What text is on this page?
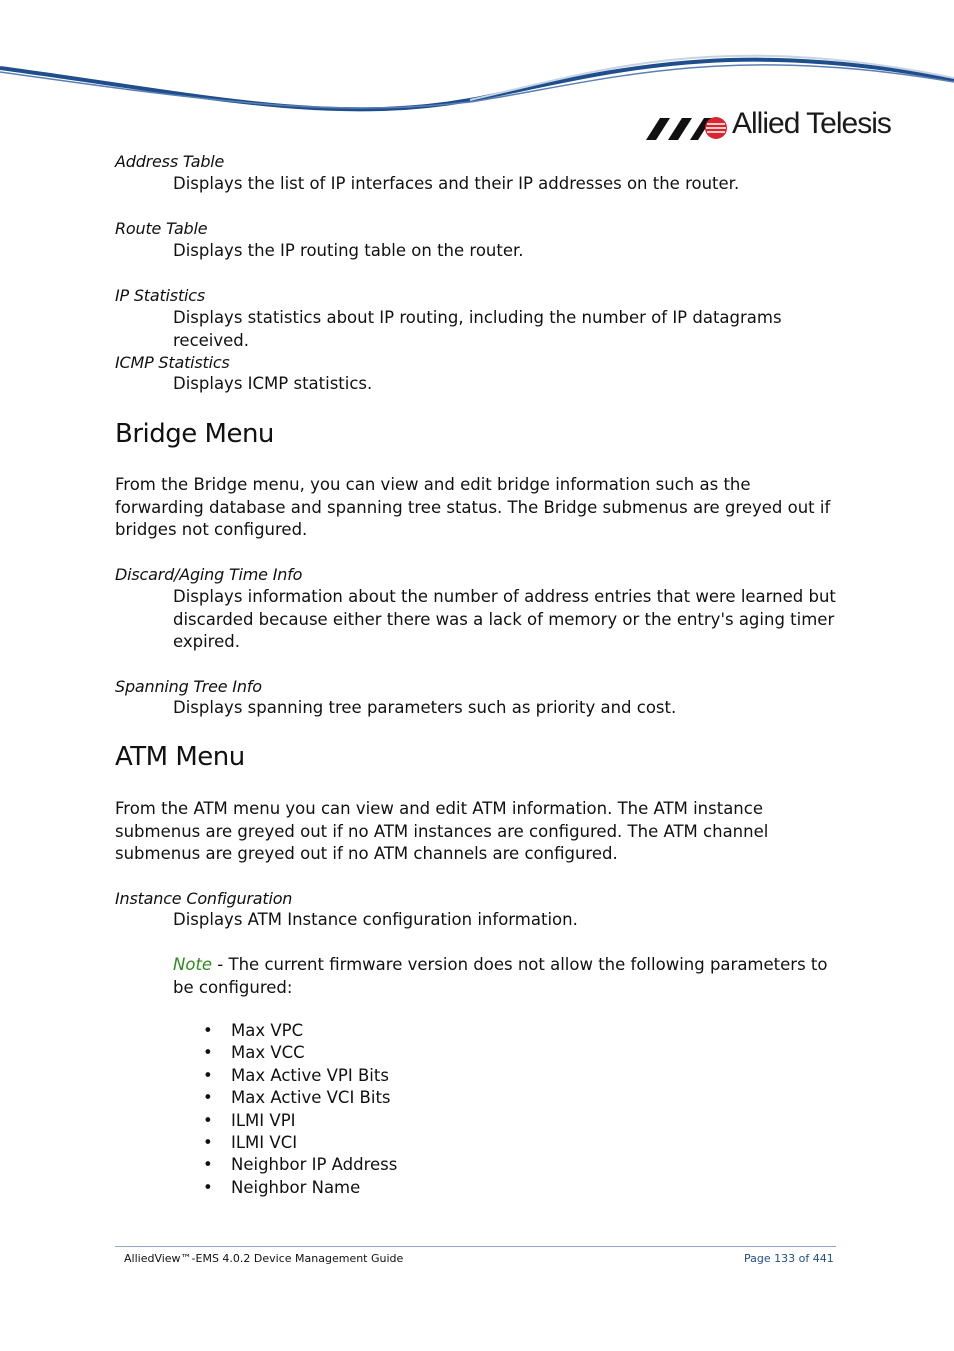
Allied Telesis
Address Table
Displays the list of IP interfaces and their IP addresses on the router.
Route Table
Displays the IP routing table on the router.
IP Statistics
Displays statistics about IP routing, including the number of IP datagrams received.
ICMP Statistics
Displays ICMP statistics.
Bridge Menu
From the Bridge menu, you can view and edit bridge information such as the forwarding database and spanning tree status. The Bridge submenus are greyed out if bridges not configured.
Discard/Aging Time Info
Displays information about the number of address entries that were learned but discarded because either there was a lack of memory or the entry's aging timer expired.
Spanning Tree Info
Displays spanning tree parameters such as priority and cost.
ATM Menu
From the ATM menu you can view and edit ATM information. The ATM instance submenus are greyed out if no ATM instances are configured. The ATM channel submenus are greyed out if no ATM channels are configured.
Instance Configuration
Displays ATM Instance configuration information.
Note - The current firmware version does not allow the following parameters to be configured:
• Max VPC
• Max VCC
• Max Active VPI Bits
• Max Active VCI Bits
• ILMI VPI
• ILMI VCI
• Neighbor IP Address
• Neighbor Name
AlliedView™-EMS 4.0.2 Device Management Guide	Page 133 of 441
